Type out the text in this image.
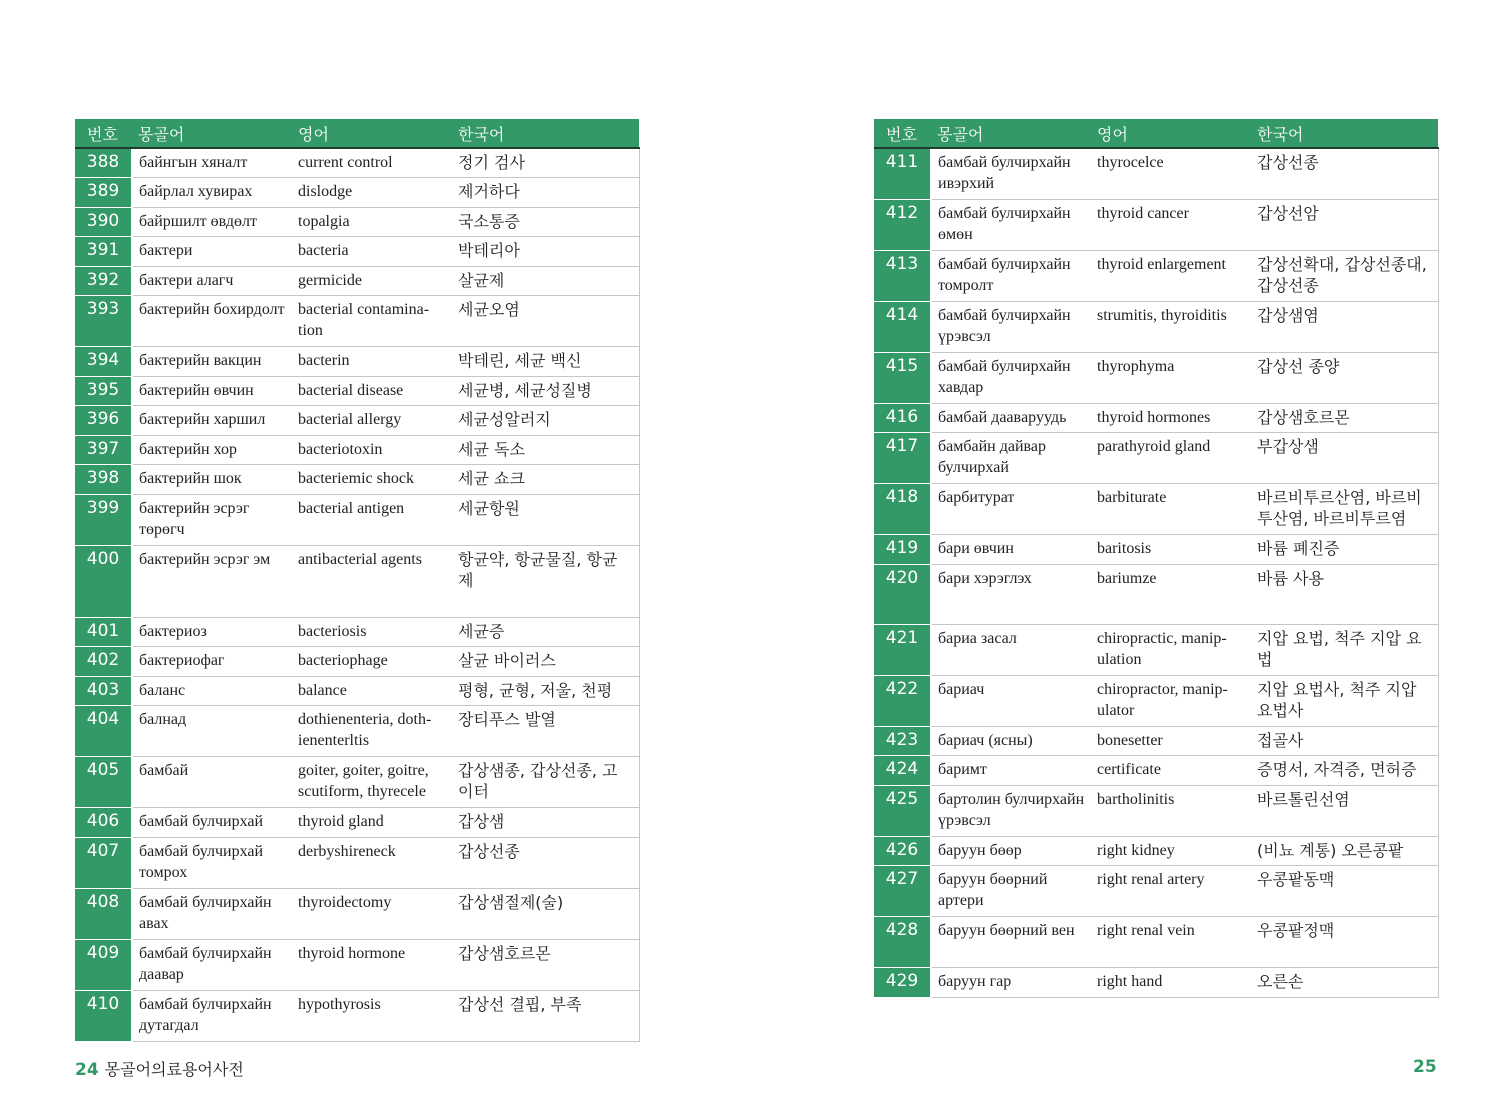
번호	몽골어	영어	한국어
388	байнгын хяналт	current control	정기 검사
389	байрлал хувирах	dislodge	제거하다
390	байршилт өвдөлт	topalgia	국소통증
391	бактери	bacteria	박테리아
392	бактери алагч	germicide	살균제
393	бактерийн бохирдолт	bacterial contamination	세균오염
394	бактерийн вакцин	bacterin	박테린, 세균 백신
395	бактерийн өвчин	bacterial disease	세균병, 세균성질병
396	бактерийн харшил	bacterial allergy	세균성알러지
397	бактерийн хор	bacteriotoxin	세균 독소
398	бактерийн шок	bacteriemic shock	세균 쇼크
399	бактерийн эсрэг төрөгч	bacterial antigen	세균항원
400	бактерийн эсрэг эм	antibacterial agents	항균약, 항균물질, 항균제
401	бактериоз	bacteriosis	세균증
402	бактериофаг	bacteriophage	살균 바이러스
403	баланс	balance	평형, 균형, 저울, 천평
404	балнад	dothienenteria, dothienenterltis	장티푸스 발열
405	бамбай	goiter, goiter, goitre, scutiform, thyrecele	갑상샘종, 갑상선종, 고이터
406	бамбай булчирхай	thyroid gland	갑상샘
407	бамбай булчирхай томрох	derbyshireneck	갑상선종
408	бамбай булчирхайн авах	thyroidectomy	갑상샘절제(술)
409	бамбай булчирхайн даавар	thyroid hormone	갑상샘호르몬
410	бамбай булчирхайн дутагдал	hypothyrosis	갑상선 결핍, 부족
번호	몽골어	영어	한국어
411	бамбай булчирхайн ивэрхий	thyrocelce	갑상선종
412	бамбай булчирхайн өмөн	thyroid cancer	갑상선암
413	бамбай булчирхайн томролт	thyroid enlargement	갑상선확대, 갑상선종대, 갑상선종
414	бамбай булчирхайн үрэвсэл	strumitis, thyroiditis	갑상샘염
415	бамбай булчирхайн хавдар	thyrophyma	갑상선 종양
416	бамбай даавaруудь	thyroid hormones	갑상샘호르몬
417	бамбайн дайвар булчирхай	parathyroid gland	부갑상샘
418	барбитурат	barbiturate	바르비투르산염, 바르비투산염, 바르비투르염
419	бари өвчин	baritosis	바륨 폐진증
420	бари хэрэглэх	bariumze	바륨 사용
421	бариа засал	chiropractic, manipulation	지압 요법, 척주 지압 요법
422	бариач	chiropractor, manipulator	지압 요법사, 척주 지압요법사
423	бариач (ясны)	bonesetter	접골사
424	баримт	certificate	증명서, 자격증, 면허증
425	бартолин булчирхайн үрэвсэл	bartholinitis	바르톨린선염
426	баруун бөөр	right kidney	(비뇨 계통) 오른콩팥
427	баруун бөөрний артери	right renal artery	우콩팥동맥
428	баруун бөөрний вен	right renal vein	우콩팥정맥
429	баруун гар	right hand	오른손
24 몽골어의료용어사전	25
